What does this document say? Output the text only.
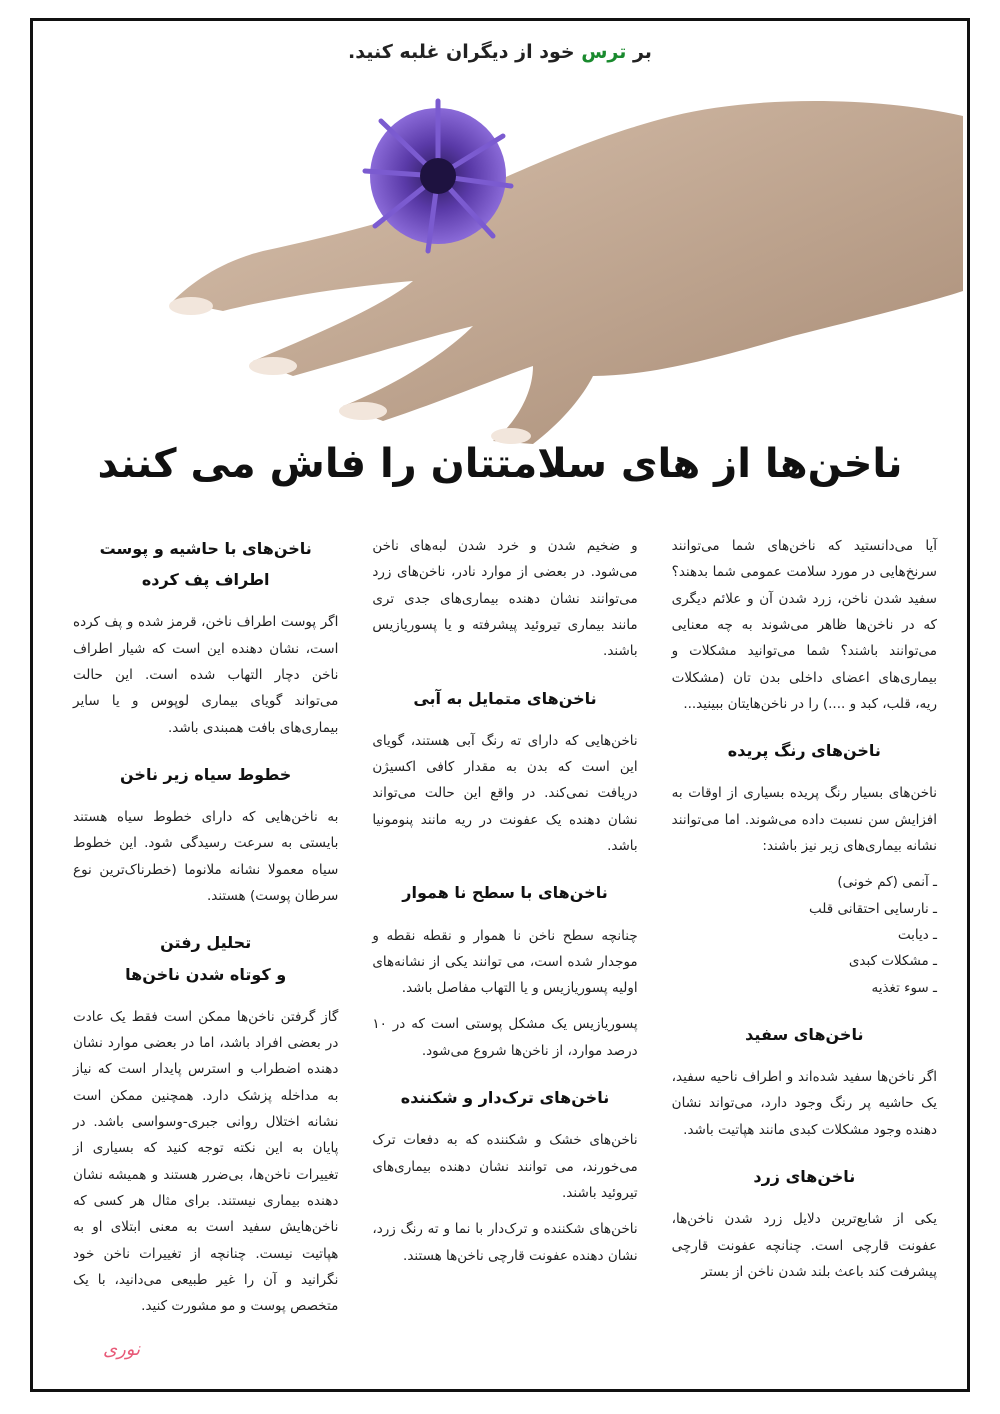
بر ترس خود از دیگران غلبه کنید.
ناخن‌ها از های سلامتتان را فاش می کنند

آیا می‌دانستید که ناخن‌های شما می‌توانند سرنخ‌هایی در مورد سلامت عمومی شما بدهند؟ سفید شدن ناخن، زرد شدن آن و علائم دیگری که در ناخن‌ها ظاهر می‌شوند به چه معنایی می‌توانند باشند؟ شما می‌توانید مشکلات و بیماری‌های اعضای داخلی بدن تان (مشکلات ریه، قلب، کبد و ....) را در ناخن‌هایتان ببینید...

ناخن‌های رنگ پریده

ناخن‌های بسیار رنگ پریده بسیاری از اوقات به افزایش سن نسبت داده می‌شوند. اما می‌توانند نشانه بیماری‌های زیر نیز باشند:

ـ آنمی (کم خونی)
ـ نارسایی احتقانی قلب
ـ دیابت
ـ مشکلات کبدی
ـ سوء تغذیه
ناخن‌های سفید

اگر ناخن‌ها سفید شده‌اند و اطراف ناحیه سفید، یک حاشیه پر رنگ وجود دارد، می‌تواند نشان دهنده وجود مشکلات کبدی مانند هپاتیت باشد.

ناخن‌های زرد

یکی از شایع‌ترین دلایل زرد شدن ناخن‌ها، عفونت قارچی است. چنانچه عفونت قارچی پیشرفت کند باعث بلند شدن ناخن از بستر

و ضخیم شدن و خرد شدن لبه‌های ناخن می‌شود. در بعضی از موارد نادر، ناخن‌های زرد می‌توانند نشان دهنده بیماری‌های جدی تری مانند بیماری تیروئید پیشرفته و یا پسوریازیس باشند.

ناخن‌های متمایل به آبی

ناخن‌هایی که دارای ته رنگ آبی هستند، گویای این است که بدن به مقدار کافی اکسیژن دریافت نمی‌کند. در واقع این حالت می‌تواند نشان دهنده یک عفونت در ریه مانند پنومونیا باشد.

ناخن‌های با سطح نا هموار

چنانچه سطح ناخن نا هموار و نقطه نقطه و موجدار شده است، می توانند یکی از نشانه‌های اولیه پسوریازیس و یا التهاب مفاصل باشد.

پسوریازیس یک مشکل پوستی است که در ۱۰ درصد موارد، از ناخن‌ها شروع می‌شود.

ناخن‌های ترک‌دار و شکننده

ناخن‌های خشک و شکننده که به دفعات ترک می‌خورند، می توانند نشان دهنده بیماری‌های تیروئید باشند.

ناخن‌های شکننده و ترک‌دار با نما و ته رنگ زرد، نشان دهنده عفونت قارچی ناخن‌ها هستند.

ناخن‌های با حاشیه و پوست اطراف پف کرده

اگر پوست اطراف ناخن، قرمز شده و پف کرده است، نشان دهنده این است که شیار اطراف ناخن دچار التهاب شده است. این حالت می‌تواند گویای بیماری لوپوس و یا سایر بیماری‌های بافت همبندی باشد.

خطوط سیاه زیر ناخن

به ناخن‌هایی که دارای خطوط سیاه هستند بایستی به سرعت رسیدگی شود. این خطوط سیاه معمولا نشانه ملانوما (خطرناک‌ترین نوع سرطان پوست) هستند.

تحلیل رفتن
و کوتاه شدن ناخن‌ها

گاز گرفتن ناخن‌ها ممکن است فقط یک عادت در بعضی افراد باشد، اما در بعضی موارد نشان دهنده اضطراب و استرس پایدار است که نیاز به مداخله پزشک دارد. همچنین ممکن است نشانه اختلال روانی جبری-وسواسی باشد. در پایان به این نکته توجه کنید که بسیاری از تغییرات ناخن‌ها، بی‌ضرر هستند و همیشه نشان دهنده بیماری نیستند. برای مثال هر کسی که ناخن‌هایش سفید است به معنی ابتلای او به هپاتیت نیست. چنانچه از تغییرات ناخن خود نگرانید و آن را غیر طبیعی می‌دانید، با یک متخصص پوست و مو مشورت کنید.

نوری
